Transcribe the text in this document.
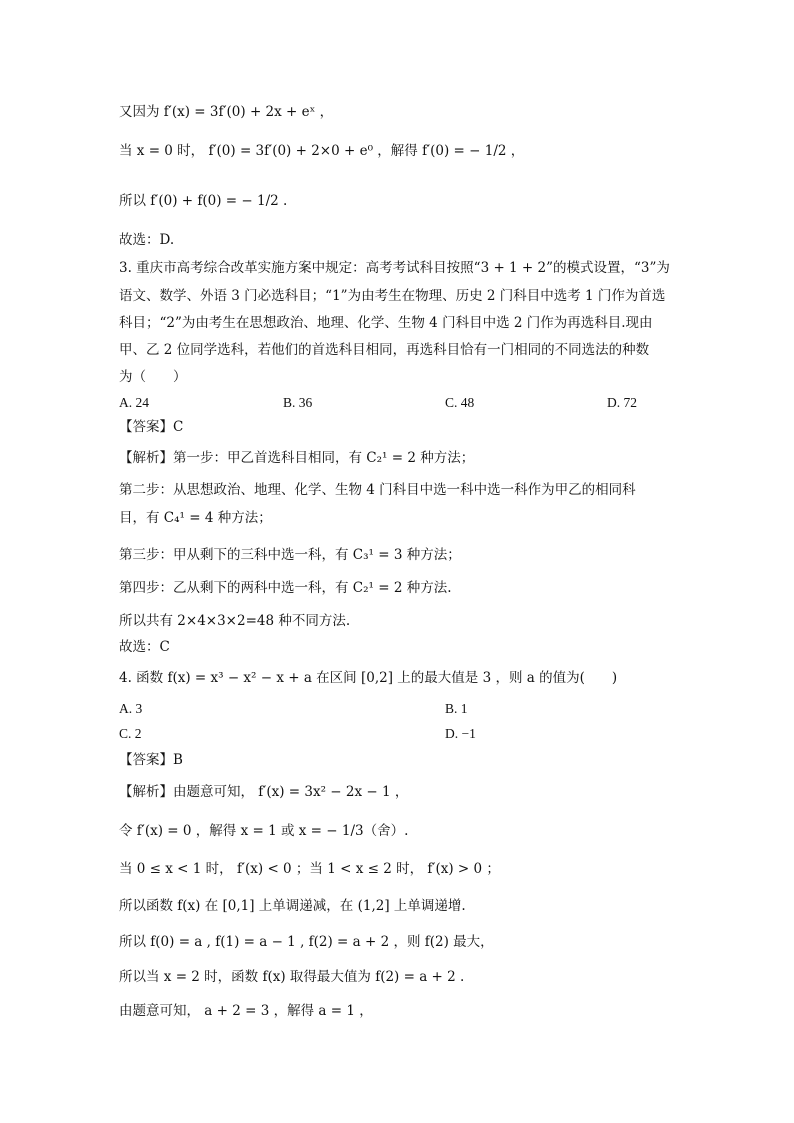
又因为 f′(x) = 3f′(0) + 2x + eˣ ，
当 x = 0 时， f′(0) = 3f′(0) + 2×0 + e⁰ ，解得 f′(0) = − 1/2 ，
所以 f′(0) + f(0) = − 1/2 .
故选：D.
3. 重庆市高考综合改革实施方案中规定：高考考试科目按照“3 + 1 + 2”的模式设置，“3”为
语文、数学、外语 3 门必选科目；“1”为由考生在物理、历史 2 门科目中选考 1 门作为首选
科目；“2”为由考生在思想政治、地理、化学、生物 4 门科目中选 2 门作为再选科目.现由
甲、乙 2 位同学选科，若他们的首选科目相同，再选科目恰有一门相同的不同选法的种数
为（　　）
A. 24	B. 36	C. 48	D. 72
【答案】C
【解析】第一步：甲乙首选科目相同，有 C₂¹ = 2 种方法；
第二步：从思想政治、地理、化学、生物 4 门科目中选一科中选一科作为甲乙的相同科
目，有 C₄¹ = 4 种方法；
第三步：甲从剩下的三科中选一科，有 C₃¹ = 3 种方法；
第四步：乙从剩下的两科中选一科，有 C₂¹ = 2 种方法.
所以共有 2×4×3×2=48 种不同方法.
故选：C
4. 函数 f(x) = x³ − x² − x + a 在区间 [0,2] 上的最大值是 3 ，则 a 的值为(　　)
A. 3	B. 1
C. 2	D. −1
【答案】B
【解析】由题意可知， f′(x) = 3x² − 2x − 1 ，
令 f′(x) = 0 ，解得 x = 1 或 x = − 1/3（舍）.
当 0 ≤ x < 1 时， f′(x) < 0 ；当 1 < x ≤ 2 时， f′(x) > 0 ；
所以函数 f(x) 在 [0,1] 上单调递减，在 (1,2] 上单调递增.
所以 f(0) = a , f(1) = a − 1 , f(2) = a + 2 ，则 f(2) 最大，
所以当 x = 2 时，函数 f(x) 取得最大值为 f(2) = a + 2 .
由题意可知， a + 2 = 3 ，解得 a = 1 ，
